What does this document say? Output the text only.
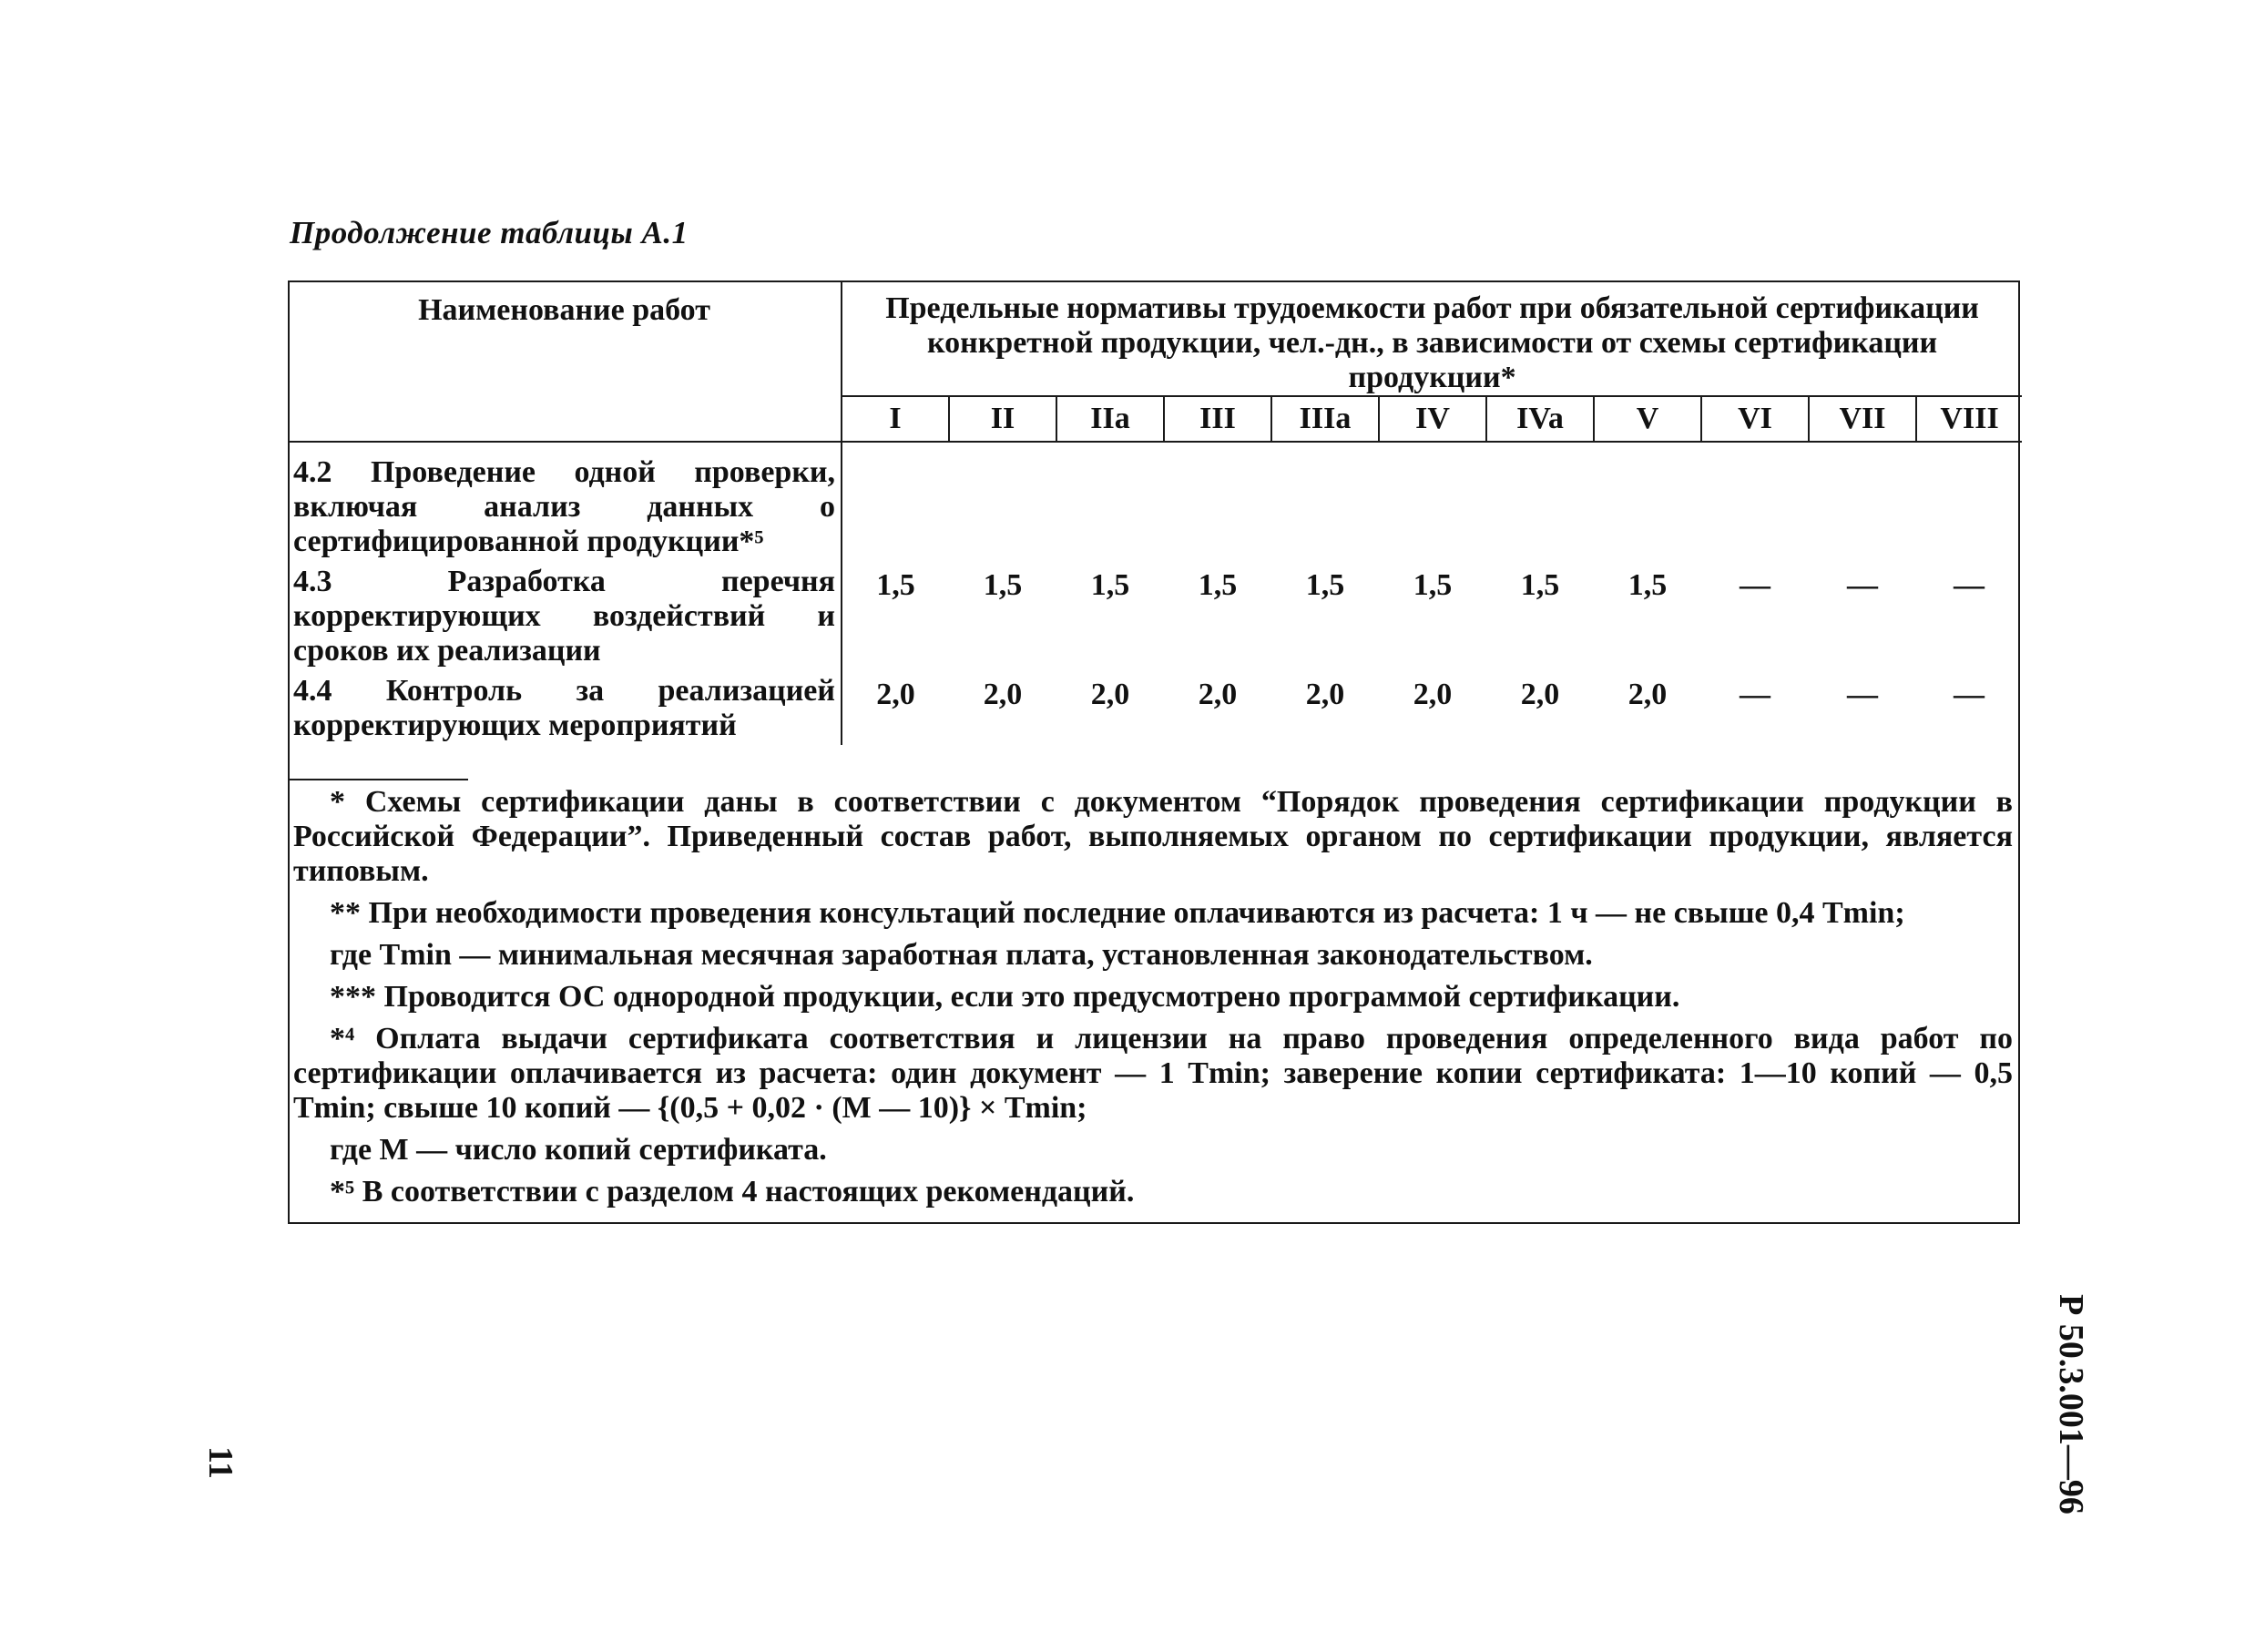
Продолжение таблицы А.1
Наименование работ	Предельные нормативы трудоемкости работ при обязательной сертификации конкретной продукции, чел.-дн., в зависимости от схемы сертификации продукции*										
	I	II	IIa	III	IIIa	IV	IVa	V	VI	VII	VIII
4.2 Проведение одной проверки, включая анализ данных о сертифицированной продукции*⁵											
4.3 Разработка перечня корректирующих воздействий и сроков их реализации	1,5	1,5	1,5	1,5	1,5	1,5	1,5	1,5	—	—	—
4.4 Контроль за реализацией корректирующих мероприятий	2,0	2,0	2,0	2,0	2,0	2,0	2,0	2,0	—	—	—

* Схемы сертификации даны в соответствии с документом “Порядок проведения сертификации продукции в Российской Федерации”. Приведенный состав работ, выполняемых органом по сертификации продукции, является типовым.

** При необходимости проведения консультаций последние оплачиваются из расчета: 1 ч — не свыше 0,4 Tmin;

где Tmin — минимальная месячная заработная плата, установленная законодательством.

*** Проводится ОС однородной продукции, если это предусмотрено программой сертификации.

*⁴ Оплата выдачи сертификата соответствия и лицензии на право проведения определенного вида работ по сертификации оплачивается из расчета: один документ — 1 Tmin; заверение копии сертификата: 1—10 копий — 0,5 Tmin; свыше 10 копий — {(0,5 + 0,02 · (M — 10)} × Tmin;

где M — число копий сертификата.

*⁵ В соответствии с разделом 4 настоящих рекомендаций.

11	Р 50.3.001—96
